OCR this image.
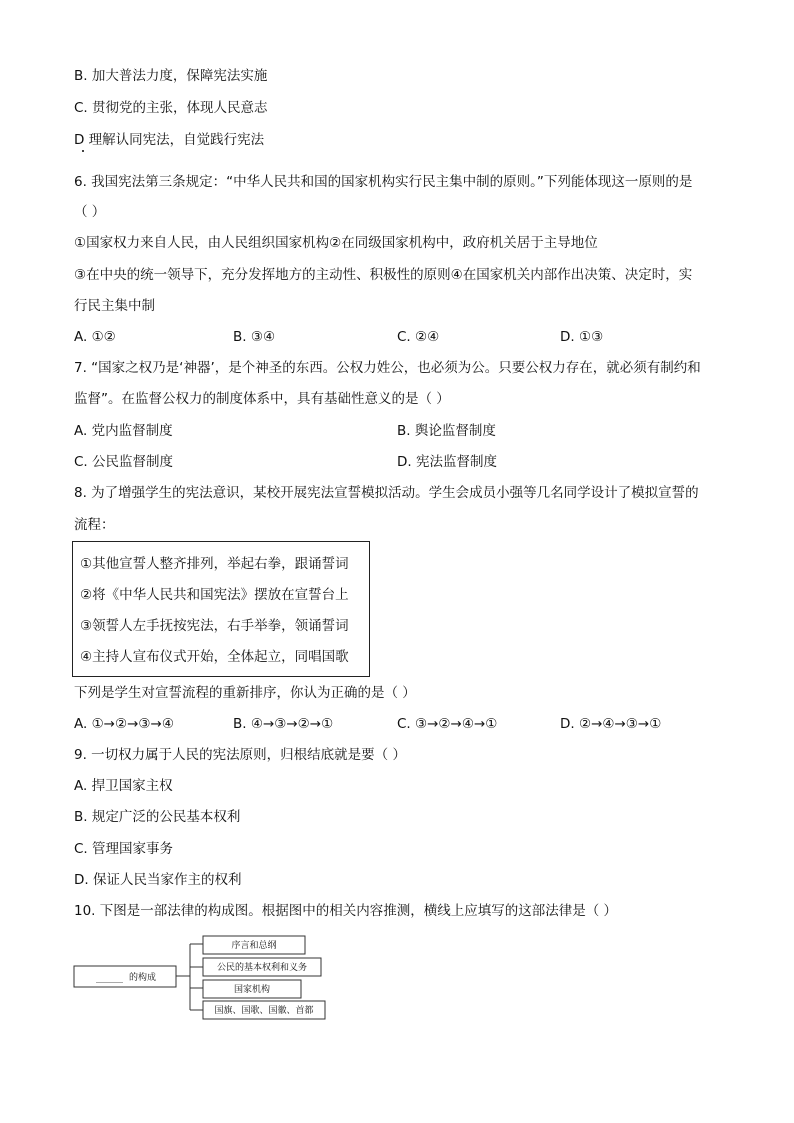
B. 加大普法力度，保障宪法实施
C. 贯彻党的主张，体现人民意志
D 理解认同宪法，自觉践行宪法
6. 我国宪法第三条规定：“中华人民共和国的国家机构实行民主集中制的原则。”下列能体现这一原则的是
（ ）
①国家权力来自人民，由人民组织国家机构②在同级国家机构中，政府机关居于主导地位
③在中央的统一领导下，充分发挥地方的主动性、积极性的原则④在国家机关内部作出决策、决定时，实
行民主集中制
A. ①②	B. ③④	C. ②④	D. ①③
7. “国家之权乃是‘神器’，是个神圣的东西。公权力姓公，也必须为公。只要公权力存在，就必须有制约和
监督”。在监督公权力的制度体系中，具有基础性意义的是（ ）
A. 党内监督制度	B. 舆论监督制度
C. 公民监督制度	D. 宪法监督制度
8. 为了增强学生的宪法意识，某校开展宪法宣誓模拟活动。学生会成员小强等几名同学设计了模拟宣誓的
流程：
①其他宣誓人整齐排列，举起右拳，跟诵誓词
②将《中华人民共和国宪法》摆放在宣誓台上
③领誓人左手抚按宪法，右手举拳，领诵誓词
④主持人宣布仪式开始，全体起立，同唱国歌
下列是学生对宣誓流程的重新排序，你认为正确的是（ ）
A. ①→②→③→④	B. ④→③→②→①	C. ③→②→④→①	D. ②→④→③→①
9. 一切权力属于人民的宪法原则，归根结底就是要（ ）
A. 捍卫国家主权
B. 规定广泛的公民基本权利
C. 管理国家事务
D. 保证人民当家作主的权利
10. 下图是一部法律的构成图。根据图中的相关内容推测，横线上应填写的这部法律是（ ）
______ 的构成
序言和总纲
公民的基本权利和义务
国家机构
国旗、国歌、国徽、首都
